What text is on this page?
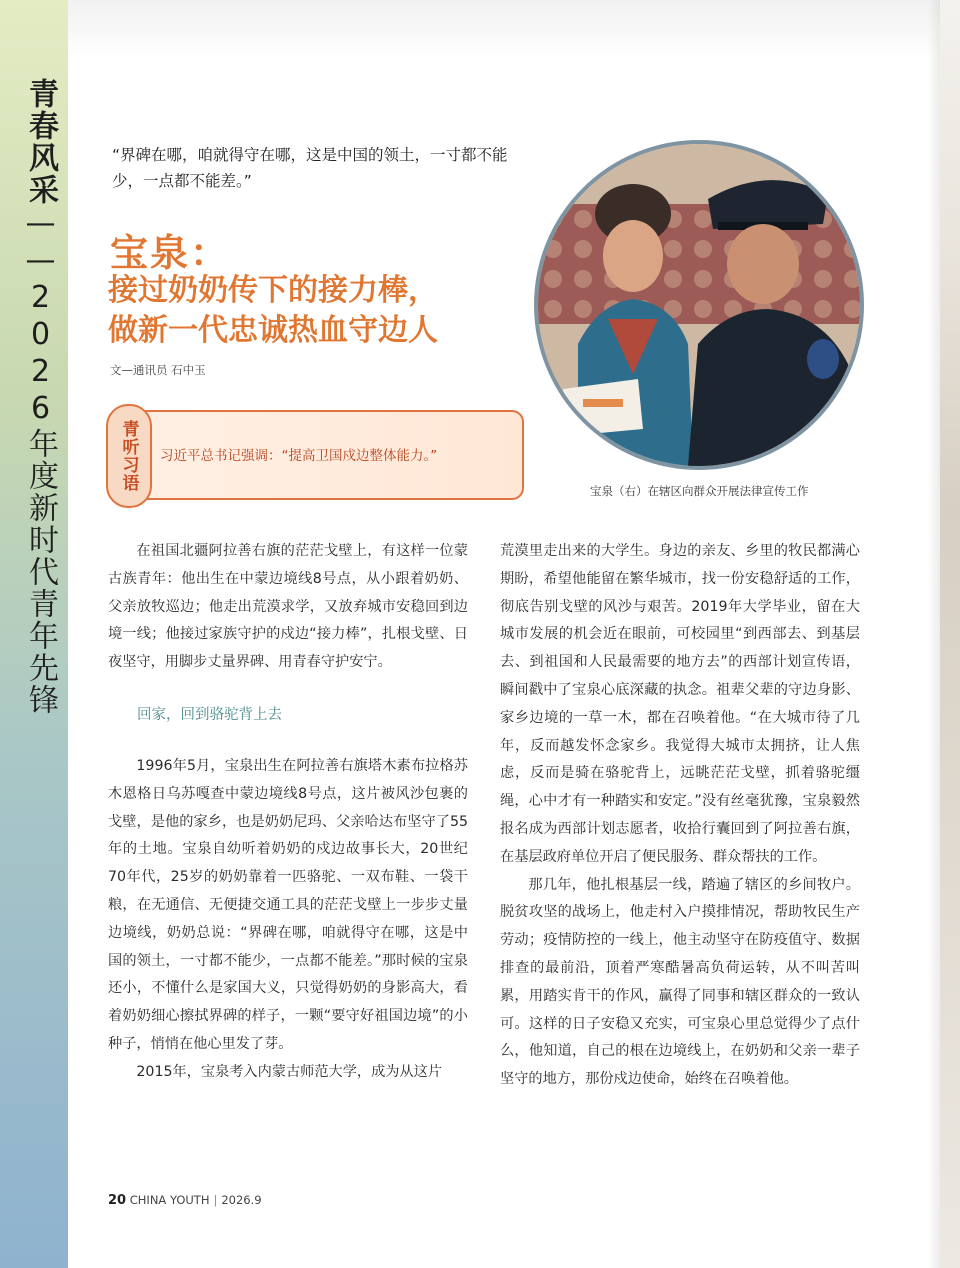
青春风采——2026年度新时代青年先锋
“界碑在哪，咱就得守在哪，这是中国的领土，一寸都不能少，一点都不能差。”
宝泉：
接过奶奶传下的接力棒，
做新一代忠诚热血守边人
文—通讯员 石中玉
宝泉（右）在辖区向群众开展法律宣传工作
青听习语 习近平总书记强调：“提高卫国戍边整体能力。”

在祖国北疆阿拉善右旗的茫茫戈壁上，有这样一位蒙古族青年：他出生在中蒙边境线8号点，从小跟着奶奶、父亲放牧巡边；他走出荒漠求学，又放弃城市安稳回到边境一线；他接过家族守护的戍边“接力棒”，扎根戈壁、日夜坚守，用脚步丈量界碑、用青春守护安宁。

回家，回到骆驼背上去

1996年5月，宝泉出生在阿拉善右旗塔木素布拉格苏木恩格日乌苏嘎查中蒙边境线8号点，这片被风沙包裹的戈壁，是他的家乡，也是奶奶尼玛、父亲哈达布坚守了55年的土地。宝泉自幼听着奶奶的戍边故事长大，20世纪70年代，25岁的奶奶靠着一匹骆驼、一双布鞋、一袋干粮，在无通信、无便捷交通工具的茫茫戈壁上一步步丈量边境线，奶奶总说：“界碑在哪，咱就得守在哪，这是中国的领土，一寸都不能少，一点都不能差。”那时候的宝泉还小，不懂什么是家国大义，只觉得奶奶的身影高大，看着奶奶细心擦拭界碑的样子，一颗“要守好祖国边境”的小种子，悄悄在他心里发了芽。

2015年，宝泉考入内蒙古师范大学，成为从这片

荒漠里走出来的大学生。身边的亲友、乡里的牧民都满心期盼，希望他能留在繁华城市，找一份安稳舒适的工作，彻底告别戈壁的风沙与艰苦。2019年大学毕业，留在大城市发展的机会近在眼前，可校园里“到西部去、到基层去、到祖国和人民最需要的地方去”的西部计划宣传语，瞬间戳中了宝泉心底深藏的执念。祖辈父辈的守边身影、家乡边境的一草一木，都在召唤着他。“在大城市待了几年，反而越发怀念家乡。我觉得大城市太拥挤，让人焦虑，反而是骑在骆驼背上，远眺茫茫戈壁，抓着骆驼缰绳，心中才有一种踏实和安定。”没有丝毫犹豫，宝泉毅然报名成为西部计划志愿者，收拾行囊回到了阿拉善右旗，在基层政府单位开启了便民服务、群众帮扶的工作。

那几年，他扎根基层一线，踏遍了辖区的乡间牧户。脱贫攻坚的战场上，他走村入户摸排情况，帮助牧民生产劳动；疫情防控的一线上，他主动坚守在防疫值守、数据排查的最前沿，顶着严寒酷暑高负荷运转，从不叫苦叫累，用踏实肯干的作风，赢得了同事和辖区群众的一致认可。这样的日子安稳又充实，可宝泉心里总觉得少了点什么，他知道，自己的根在边境线上，在奶奶和父亲一辈子坚守的地方，那份戍边使命，始终在召唤着他。

20 CHINA YOUTH | 2026.9
